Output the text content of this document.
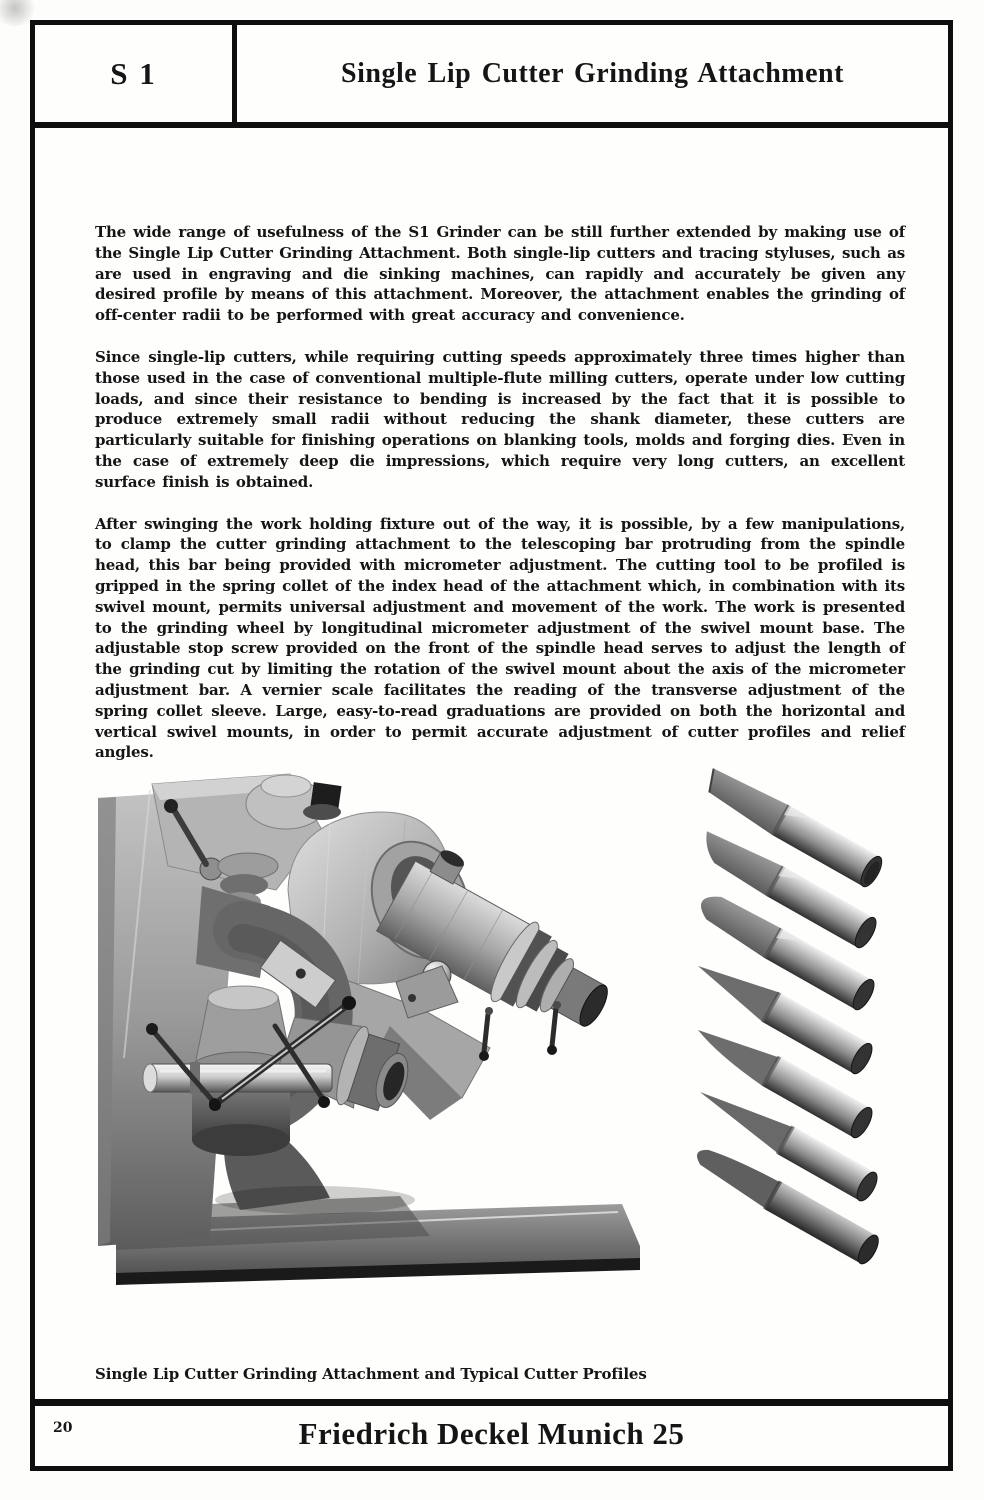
S 1	Single Lip Cutter Grinding Attachment

The wide range of usefulness of the S1 Grinder can be still further extended by making use of the Single Lip Cutter Grinding Attachment. Both single-lip cutters and tracing styluses, such as are used in engraving and die sinking machines, can rapidly and accurately be given any desired profile by means of this attachment. Moreover, the attachment enables the grinding of off-center radii to be performed with great accuracy and convenience.

Since single-lip cutters, while requiring cutting speeds approximately three times higher than those used in the case of conventional multiple-flute milling cutters, operate under low cutting loads, and since their resistance to bending is increased by the fact that it is possible to produce extremely small radii without reducing the shank diameter, these cutters are particularly suitable for finishing operations on blanking tools, molds and forging dies. Even in the case of extremely deep die impressions, which require very long cutters, an excellent surface finish is obtained.

After swinging the work holding fixture out of the way, it is possible, by a few manipulations, to clamp the cutter grinding attachment to the telescoping bar protruding from the spindle head, this bar being provided with micrometer adjustment. The cutting tool to be profiled is gripped in the spring collet of the index head of the attachment which, in combination with its swivel mount, permits universal adjustment and movement of the work. The work is presented to the grinding wheel by longitudinal micrometer adjustment of the swivel mount base. The adjustable stop screw provided on the front of the spindle head serves to adjust the length of the grinding cut by limiting the rotation of the swivel mount about the axis of the micrometer adjustment bar. A vernier scale facilitates the reading of the transverse adjustment of the spring collet sleeve. Large, easy-to-read graduations are provided on both the horizontal and vertical swivel mounts, in order to permit accurate adjustment of cutter profiles and relief angles.

Single Lip Cutter Grinding Attachment and Typical Cutter Profiles
20	Friedrich Deckel Munich 25
